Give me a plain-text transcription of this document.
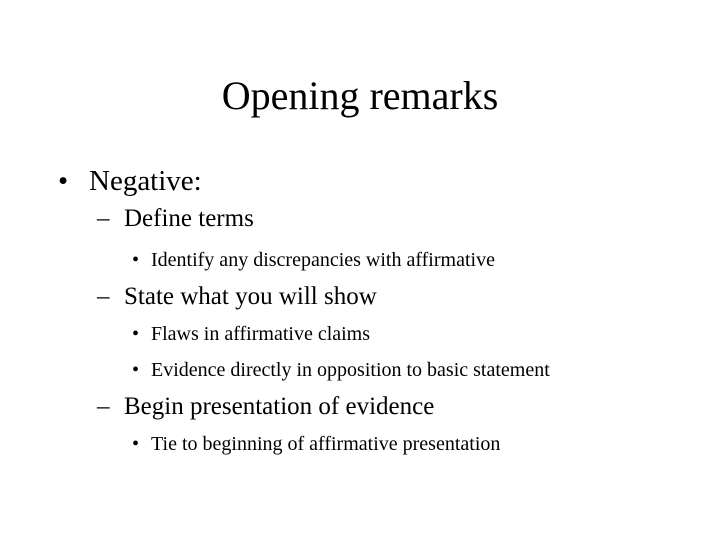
Opening remarks
• Negative:
– Define terms
• Identify any discrepancies with affirmative
– State what you will show
• Flaws in affirmative claims
• Evidence directly in opposition to basic statement
– Begin presentation of evidence
• Tie to beginning of affirmative presentation
